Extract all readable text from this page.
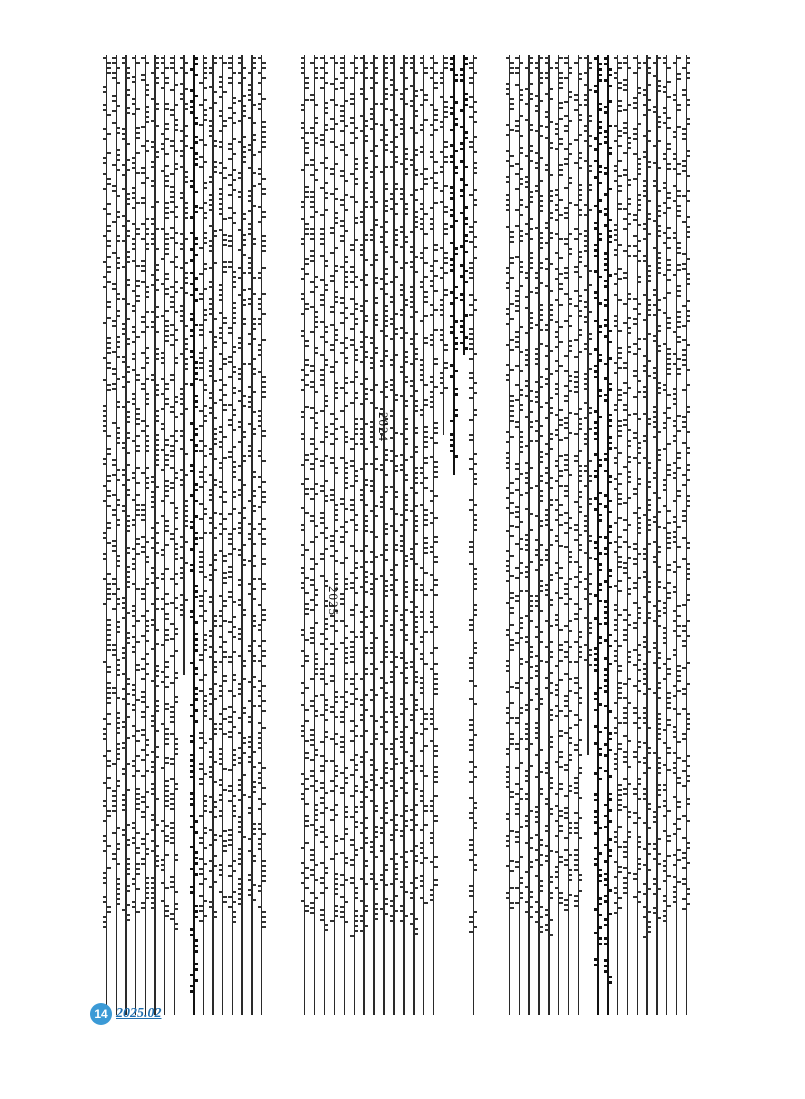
2025
2024
14 2025.02
